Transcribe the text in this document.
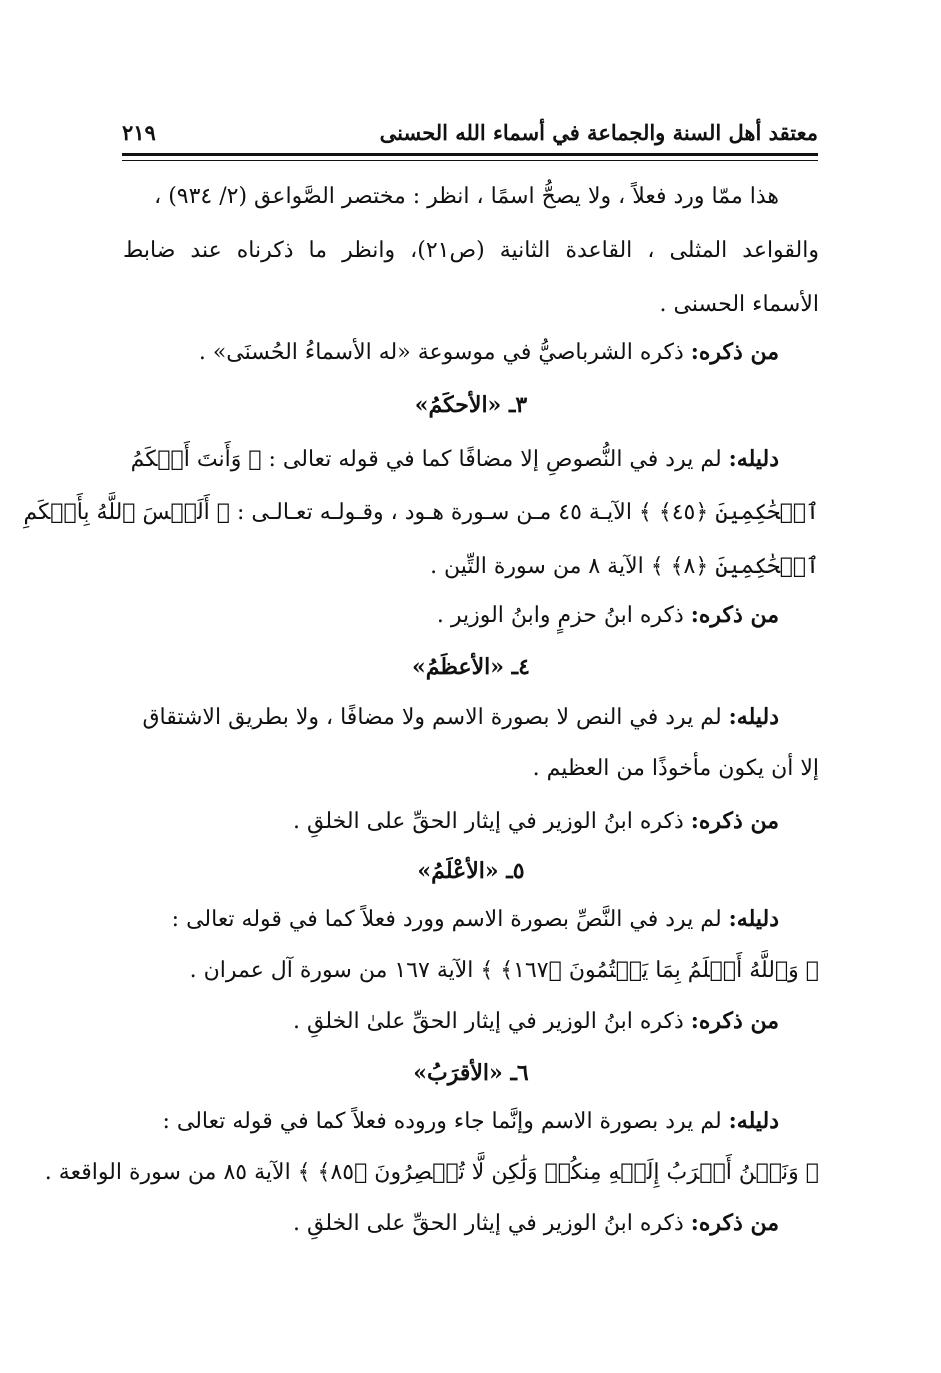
معتقد أهل السنة والجماعة في أسماء الله الحسنى
٢١٩
هذا ممّا ورد فعلاً ، ولا يصحُّ اسمًا ، انظر : مختصر الصَّواعق (٢/ ٩٣٤) ،
والقواعد المثلى ، القاعدة الثانية (ص٢١)، وانظر ما ذكرناه عند ضابط
الأسماء الحسنى .
من ذكره: ذكره الشرباصيُّ في موسوعة «له الأسماءُ الحُسنَى» .
٣ـ «الأحكَمُ»
دليله: لم يرد في النُّصوصِ إلا مضافًا كما في قوله تعالى : ﴿ وَأَنتَ أَحۡكَمُ
ٱلۡحَٰكِمِينَ ﴿٤٥﴾ ﴾ الآيـة ٤٥ مـن سـورة هـود ، وقـولـه تعـالـى : ﴿ أَلَيۡسَ ٱللَّهُ بِأَحۡكَمِ
ٱلۡحَٰكِمِينَ ﴿٨﴾ ﴾ الآية ٨ من سورة التِّين .
من ذكره: ذكره ابنُ حزمٍ وابنُ الوزير .
٤ـ «الأعظَمُ»
دليله: لم يرد في النص لا بصورة الاسم ولا مضافًا ، ولا بطريق الاشتقاق
إلا أن يكون مأخوذًا من العظيم .
من ذكره: ذكره ابنُ الوزير في إيثار الحقِّ على الخلقِ .
٥ـ «الأعْلَمُ»
دليله: لم يرد في النَّصِّ بصورة الاسم وورد فعلاً كما في قوله تعالى :
﴿ وَٱللَّهُ أَعۡلَمُ بِمَا يَكۡتُمُونَ ﴿١٦٧﴾ ﴾ الآية ١٦٧ من سورة آل عمران .
من ذكره: ذكره ابنُ الوزير في إيثار الحقِّ علىٰ الخلقِ .
٦ـ «الأقرَبُ»
دليله: لم يرد بصورة الاسم وإنَّما جاء وروده فعلاً كما في قوله تعالى :
﴿ وَنَحۡنُ أَقۡرَبُ إِلَيۡهِ مِنكُمۡ وَلَٰكِن لَّا تُبۡصِرُونَ ﴿٨٥﴾ ﴾ الآية ٨٥ من سورة الواقعة .
من ذكره: ذكره ابنُ الوزير في إيثار الحقِّ على الخلقِ .
